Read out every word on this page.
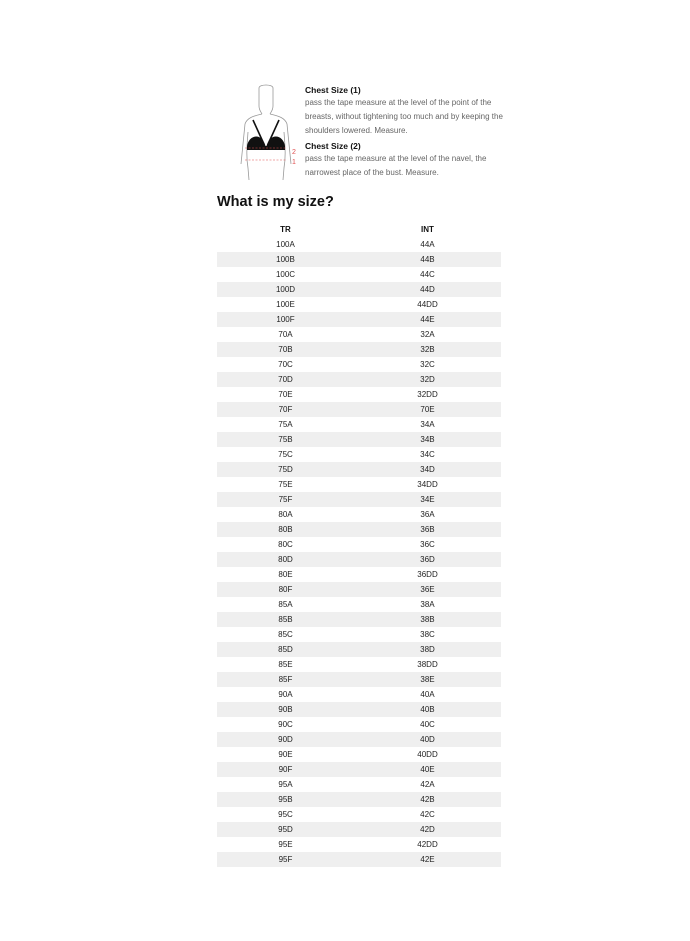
2
1

Chest Size (1)

pass the tape measure at the level of the point of the breasts, without tightening too much and by keeping the shoulders lowered. Measure.

Chest Size (2)

pass the tape measure at the level of the navel, the narrowest place of the bust. Measure.

What is my size?
TR	INT
100A	44A
100B	44B
100C	44C
100D	44D
100E	44DD
100F	44E
70A	32A
70B	32B
70C	32C
70D	32D
70E	32DD
70F	70E
75A	34A
75B	34B
75C	34C
75D	34D
75E	34DD
75F	34E
80A	36A
80B	36B
80C	36C
80D	36D
80E	36DD
80F	36E
85A	38A
85B	38B
85C	38C
85D	38D
85E	38DD
85F	38E
90A	40A
90B	40B
90C	40C
90D	40D
90E	40DD
90F	40E
95A	42A
95B	42B
95C	42C
95D	42D
95E	42DD
95F	42E
